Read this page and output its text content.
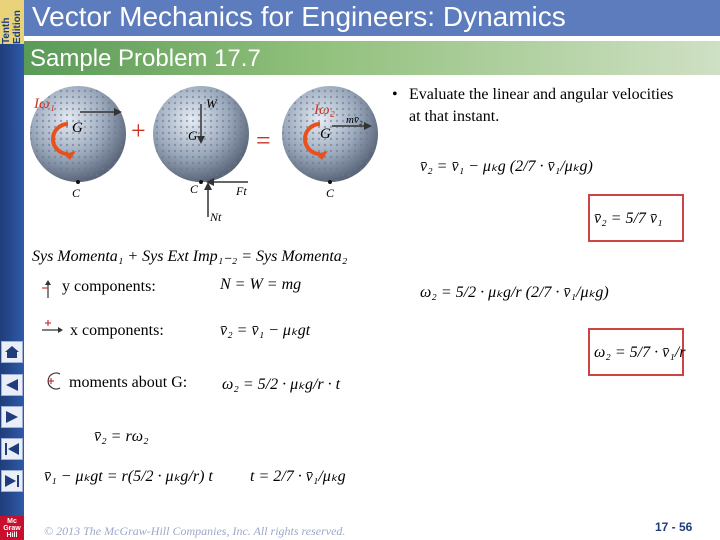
Tenth Edition
Mc Graw Hill
Vector Mechanics for Engineers: Dynamics
Sample Problem 17.7
Iω₁
G
C
+
W
G
C	Ft
Nt
=
Iω₂
mv̄₂
G
C
• Evaluate the linear and angular velocities
at that instant.
Sys Momenta₁ + Sys Ext Imp₁₋₂ = Sys Momenta₂
y components:	N = W = mg
x components:	v̄₂ = v̄₁ − μₖgt
moments about G: ω₂ = 5/2 · μₖg/r · t
v̄₂ = rω₂
v̄₁ − μₖgt = r(5/2 · μₖg/r) t t = 2/7 · v̄₁/μₖg
v̄₂ = v̄₁ − μₖg (2/7 · v̄₁/μₖg)
v̄₂ = 5/7 v̄₁
ω₂ = 5/2 · μₖg/r (2/7 · v̄₁/μₖg)
ω₂ = 5/7 · v̄₁/r
© 2013 The McGraw-Hill Companies, Inc. All rights reserved.	17 - 56
